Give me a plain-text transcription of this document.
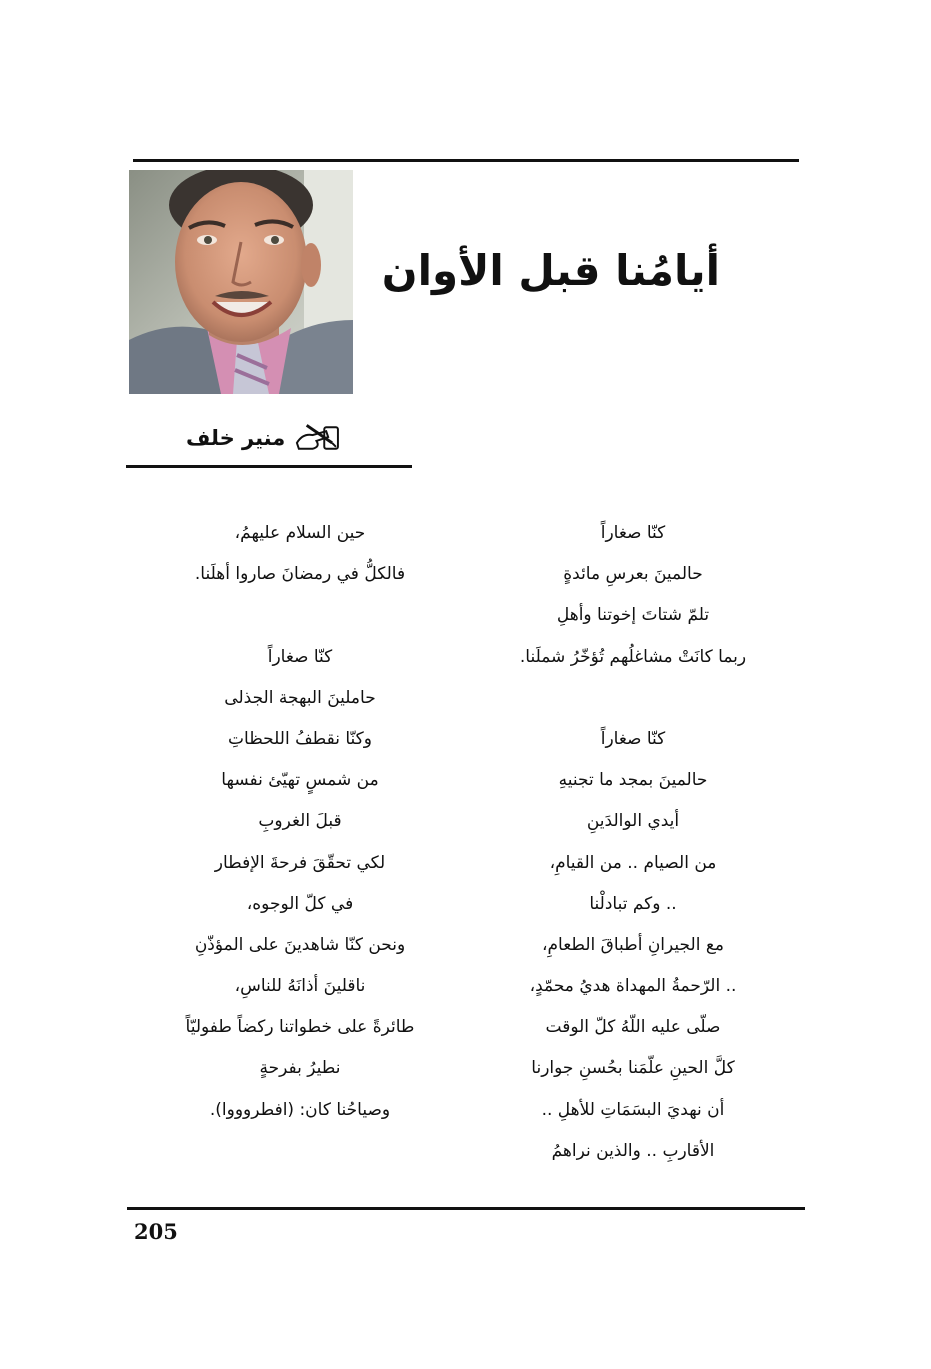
أيامُنا قبل الأوان
منير خلف
كنّا صغاراً
حالمينَ بعرسِ مائدةٍ
تلمّ شتاتَ إخوتنا وأهلِ
ربما كانَتْ مشاغلُهم تُؤخّرُ شملَنا.
كنّا صغاراً
حالمينَ بمجد ما تجنيهِ
أيدي الوالدَينِ
من الصيام .. من القيامِ،
.. وكم تبادلْنا
مع الجيرانِ أطباقَ الطعامِ،
.. الرّحمةُ المهداة هديُ محمّدٍ،
صلّى عليه اللّهُ كلّ الوقت
كلَّ الحينِ علّمَنا بحُسنِ جوارنا
أن نهديَ البسَمَاتِ للأهلِ ..
الأقاربِ .. والذين نراهمُ
حين السلام عليهمُ،
فالكلُّ في رمضانَ صاروا أهلَنا.
كنّا صغاراً
حاملينَ البهجة الجذلى
وكنّا نقطفُ اللحظاتِ
من شمسٍ تهيّئ نفسها
قبلَ الغروبِ
لكي تحقّقَ فرحةَ الإفطار
في كلّ الوجوه،
ونحن كنّا شاهدينَ على المؤذّنِ
ناقلينَ أذانَهُ للناسِ،
طائرةً على خطواتنا ركضاً طفوليّاً
نطيرُ بفرحةٍ
وصياحُنا كان: (افطروووا).
205
